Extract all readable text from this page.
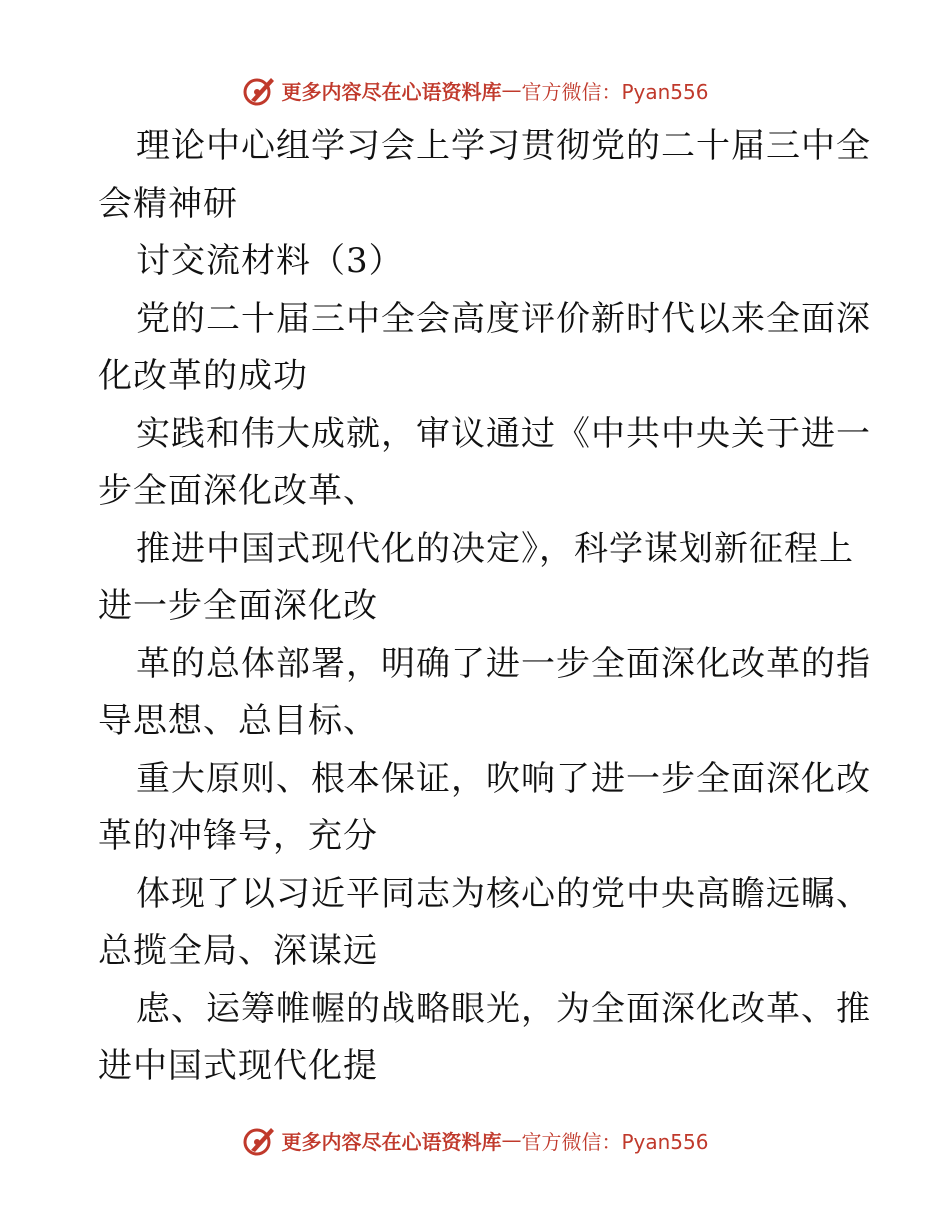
更多内容尽在心语资料库 — 官方微信：Pyan556
理论中心组学习会上学习贯彻党的二十届三中全
会精神研
讨交流材料（3）
党的二十届三中全会高度评价新时代以来全面深
化改革的成功
实践和伟大成就，审议通过《中共中央关于进一
步全面深化改革、
推进中国式现代化的决定》，科学谋划新征程上
进一步全面深化改
革的总体部署，明确了进一步全面深化改革的指
导思想、总目标、
重大原则、根本保证，吹响了进一步全面深化改
革的冲锋号，充分
体现了以习近平同志为核心的党中央高瞻远瞩、
总揽全局、深谋远
虑、运筹帷幄的战略眼光，为全面深化改革、推
进中国式现代化提
更多内容尽在心语资料库 — 官方微信：Pyan556
